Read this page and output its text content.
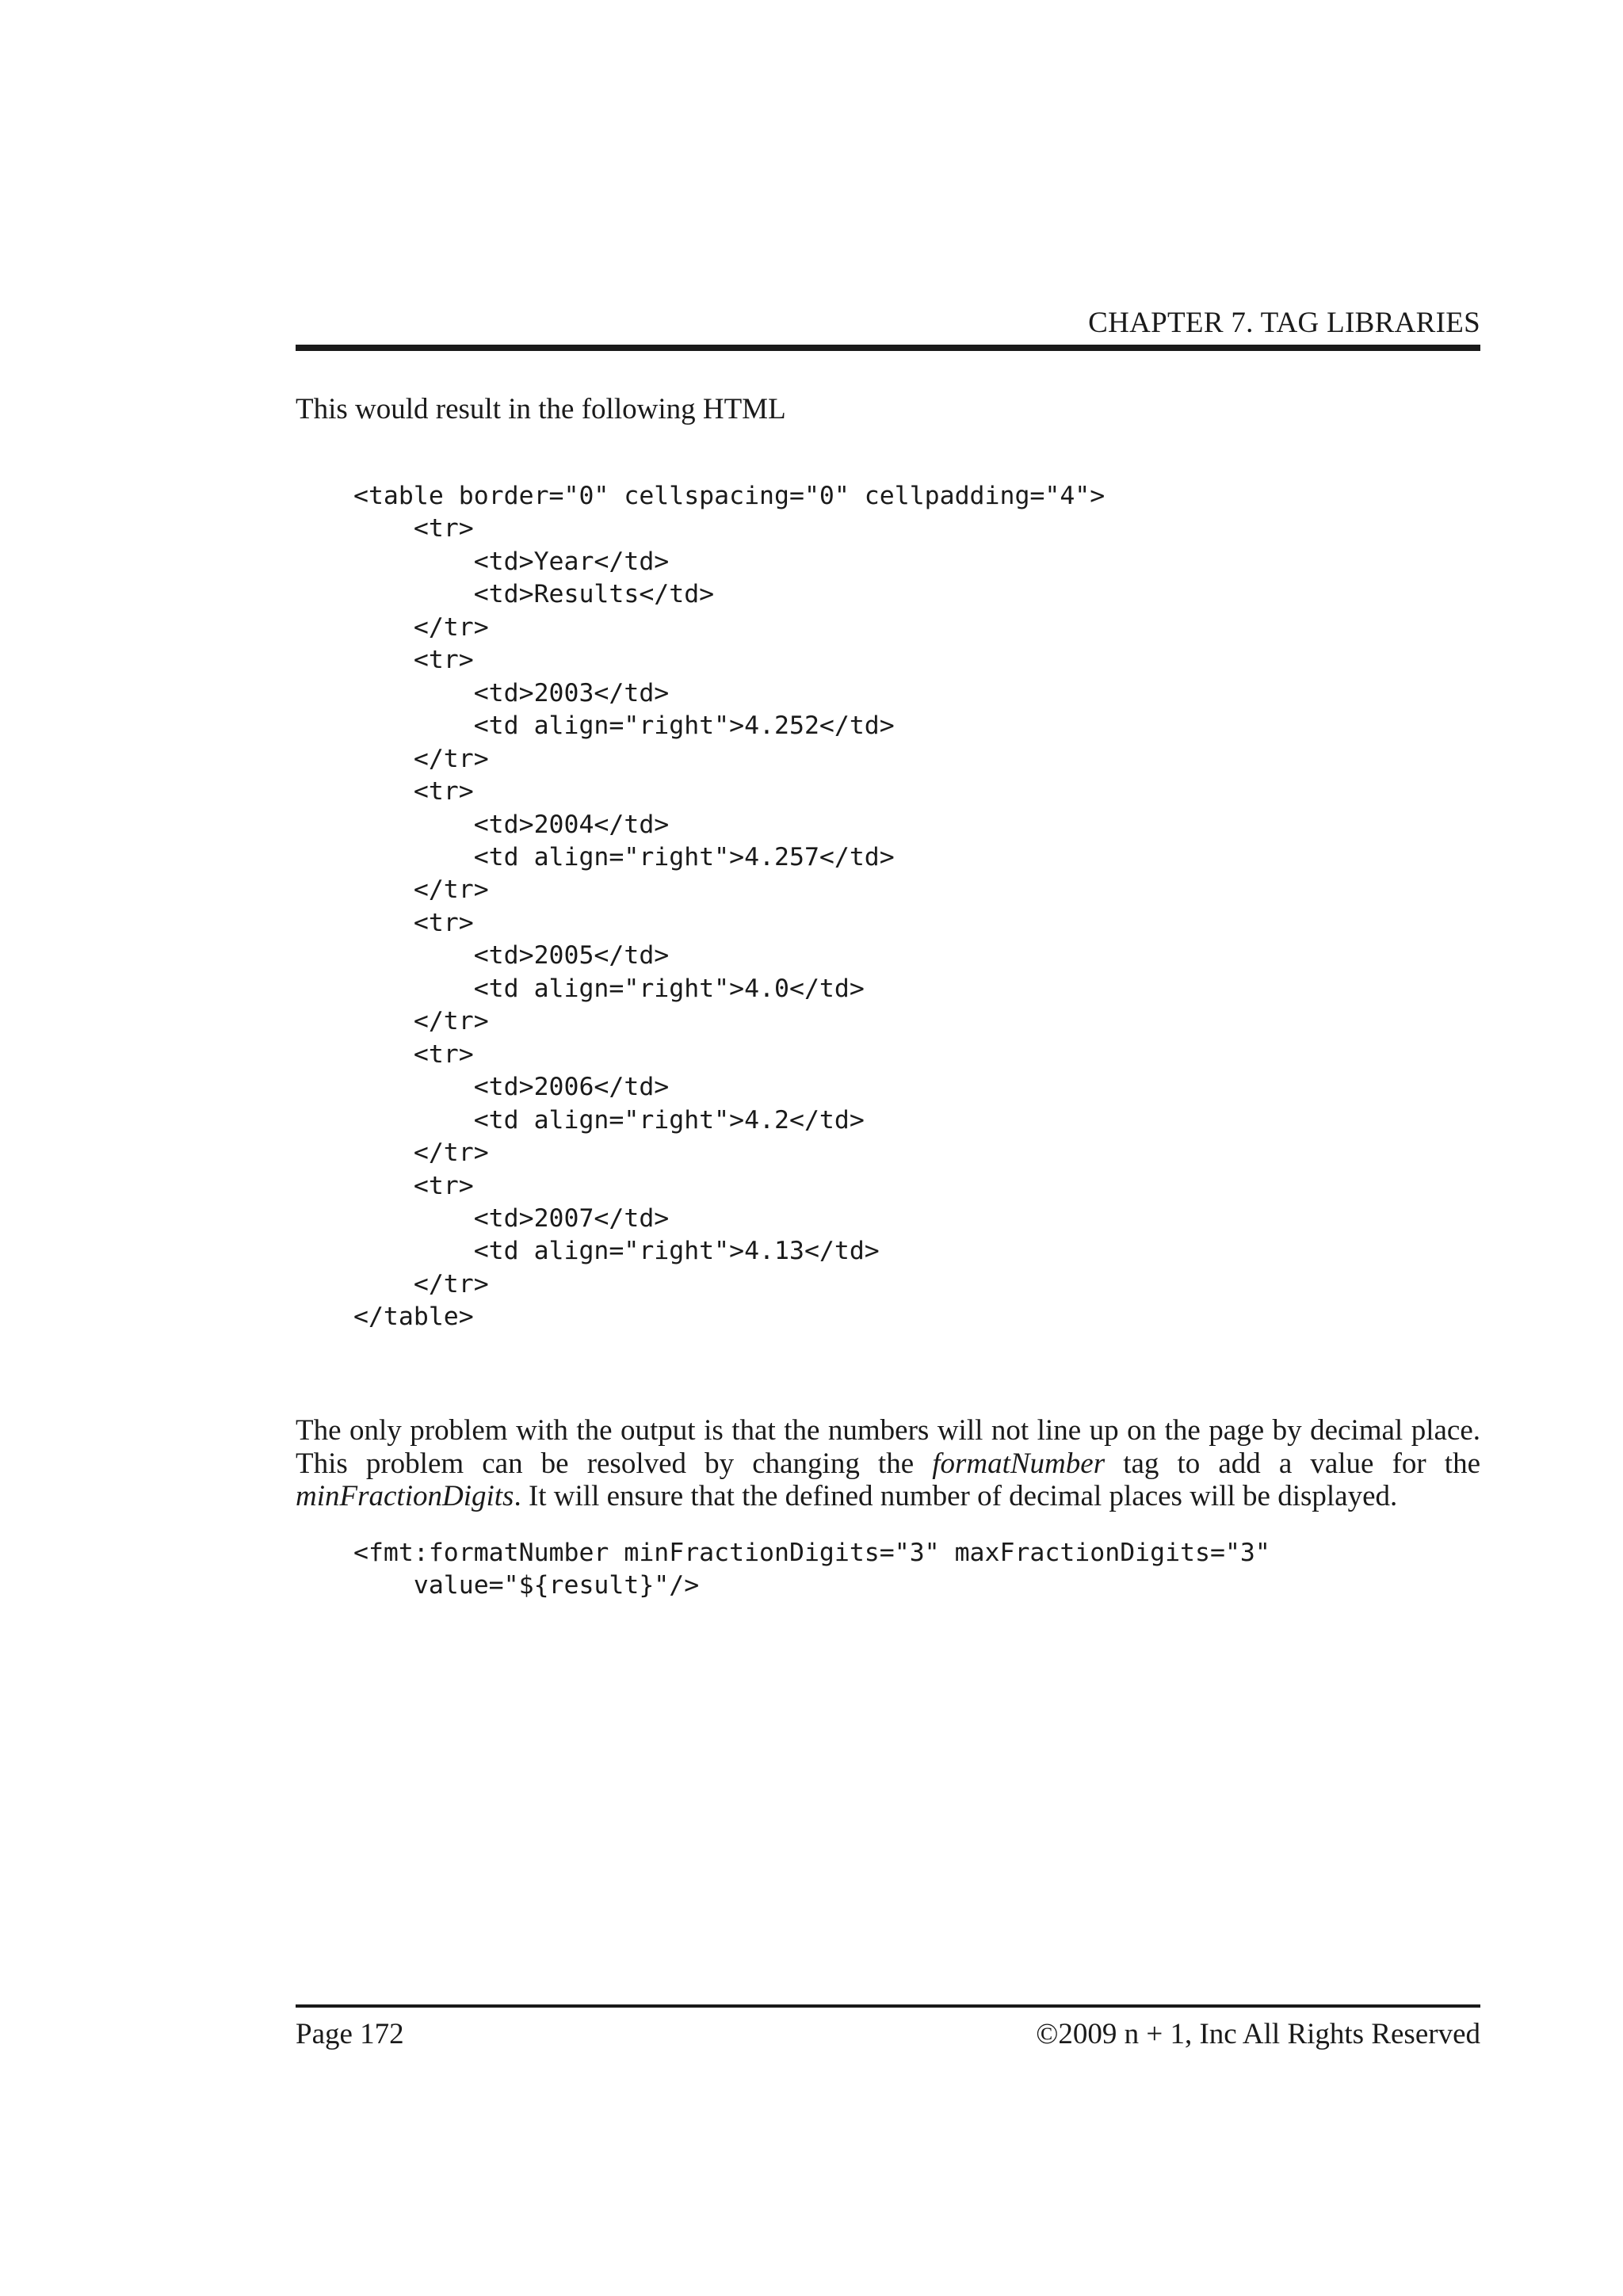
CHAPTER 7. TAG LIBRARIES
This would result in the following HTML
<table border="0" cellspacing="0" cellpadding="4">
<tr>
<td>Year</td>
<td>Results</td>
</tr>
<tr>
<td>2003</td>
<td align="right">4.252</td>
</tr>
<tr>
<td>2004</td>
<td align="right">4.257</td>
</tr>
<tr>
<td>2005</td>
<td align="right">4.0</td>
</tr>
<tr>
<td>2006</td>
<td align="right">4.2</td>
</tr>
<tr>
<td>2007</td>
<td align="right">4.13</td>
</tr>
</table>

The only problem with the output is that the numbers will not line up on the page by decimal place. This problem can be resolved by changing the formatNumber tag to add a value for the minFractionDigits. It will ensure that the defined number of decimal places will be displayed.

<fmt:formatNumber minFractionDigits="3" maxFractionDigits="3"
value="${result}"/>
Page 172	©2009 n + 1, Inc All Rights Reserved
